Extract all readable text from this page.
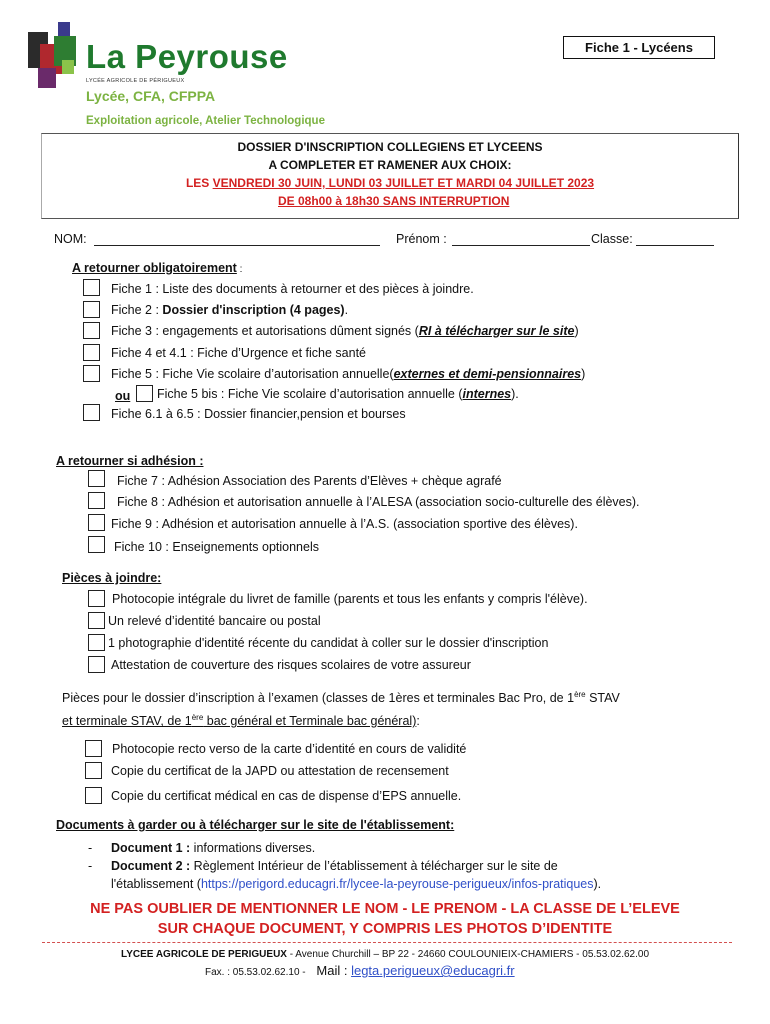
La Peyrouse
LYCÉE AGRICOLE DE PÉRIGUEUX
Lycée, CFA, CFPPA
Exploitation agricole, Atelier Technologique
Fiche 1 - Lycéens
DOSSIER D'INSCRIPTION COLLEGIENS ET LYCEENS
A COMPLETER ET RAMENER AUX CHOIX:
LES VENDREDI 30 JUIN, LUNDI 03 JUILLET ET MARDI 04 JUILLET 2023
DE 08h00 à 18h30 SANS INTERRUPTION
NOM:	Prénom :	Classe:
A retourner obligatoirement :
Fiche 1 : Liste des documents à retourner et des pièces à joindre.
Fiche 2 : Dossier d'inscription (4 pages).
Fiche 3 : engagements et autorisations dûment signés (RI à télécharger sur le site)
Fiche 4 et 4.1 : Fiche d’Urgence et fiche santé
Fiche 5 : Fiche Vie scolaire d’autorisation annuelle(externes et demi-pensionnaires)
ou Fiche 5 bis : Fiche Vie scolaire d’autorisation annuelle (internes).
Fiche 6.1 à 6.5 : Dossier financier,pension et bourses
A retourner si adhésion :
Fiche 7 : Adhésion Association des Parents d’Elèves + chèque agrafé
Fiche 8 : Adhésion et autorisation annuelle à l’ALESA (association socio-culturelle des élèves).
Fiche 9 : Adhésion et autorisation annuelle à l’A.S. (association sportive des élèves).
Fiche 10 : Enseignements optionnels
Pièces à joindre:
Photocopie intégrale du livret de famille (parents et tous les enfants y compris l'élève).
Un relevé d’identité bancaire ou postal
1 photographie d'identité récente du candidat à coller sur le dossier d'inscription
Attestation de couverture des risques scolaires de votre assureur
Pièces pour le dossier d’inscription à l’examen (classes de 1ères et terminales Bac Pro, de 1ère STAV
et terminale STAV, de 1ère bac général et Terminale bac général):
Photocopie recto verso de la carte d’identité en cours de validité
Copie du certificat de la JAPD ou attestation de recensement
Copie du certificat médical en cas de dispense d’EPS annuelle.
Documents à garder ou à télécharger sur le site de l'établissement:
- Document 1 : informations diverses.
- Document 2 : Règlement Intérieur de l’établissement à télécharger sur le site de
l'établissement (https://perigord.educagri.fr/lycee-la-peyrouse-perigueux/infos-pratiques).
NE PAS OUBLIER DE MENTIONNER LE NOM - LE PRENOM - LA CLASSE DE L’ELEVE
SUR CHAQUE DOCUMENT, Y COMPRIS LES PHOTOS D’IDENTITE
LYCEE AGRICOLE DE PERIGUEUX - Avenue Churchill – BP 22 - 24660 COULOUNIEIX-CHAMIERS - 05.53.02.62.00
Fax. : 05.53.02.62.10 - Mail : legta.perigueux@educagri.fr
